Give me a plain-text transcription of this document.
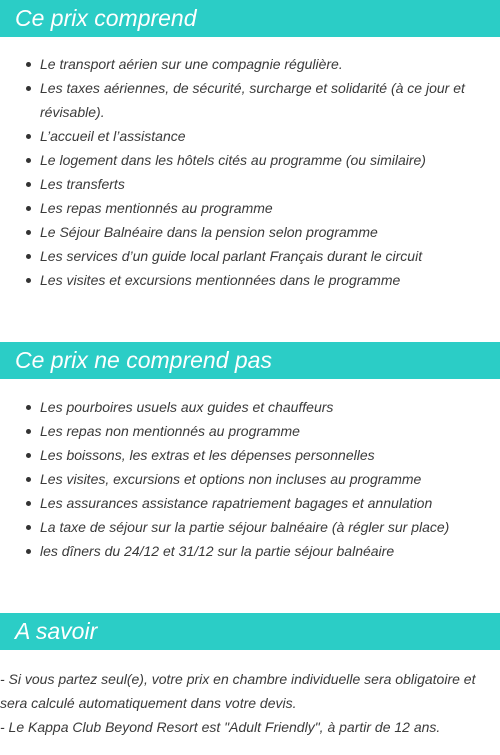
Ce prix comprend
Le transport aérien sur une compagnie régulière.
Les taxes aériennes, de sécurité, surcharge et solidarité (à ce jour et révisable).
L’accueil et l’assistance
Le logement dans les hôtels cités au programme (ou similaire)
Les transferts
Les repas mentionnés au programme
Le Séjour Balnéaire dans la pension selon programme
Les services d’un guide local parlant Français durant le circuit
Les visites et excursions mentionnées dans le programme
Ce prix ne comprend pas
Les pourboires usuels aux guides et chauffeurs
Les repas non mentionnés au programme
Les boissons, les extras et les dépenses personnelles
Les visites, excursions et options non incluses au programme
Les assurances assistance rapatriement bagages et annulation
La taxe de séjour sur la partie séjour balnéaire (à régler sur place)
les dîners du 24/12 et 31/12 sur la partie séjour balnéaire
A savoir

- Si vous partez seul(e), votre prix en chambre individuelle sera obligatoire et sera calculé automatiquement dans votre devis.

- Le Kappa Club Beyond Resort est "Adult Friendly", à partir de 12 ans.
